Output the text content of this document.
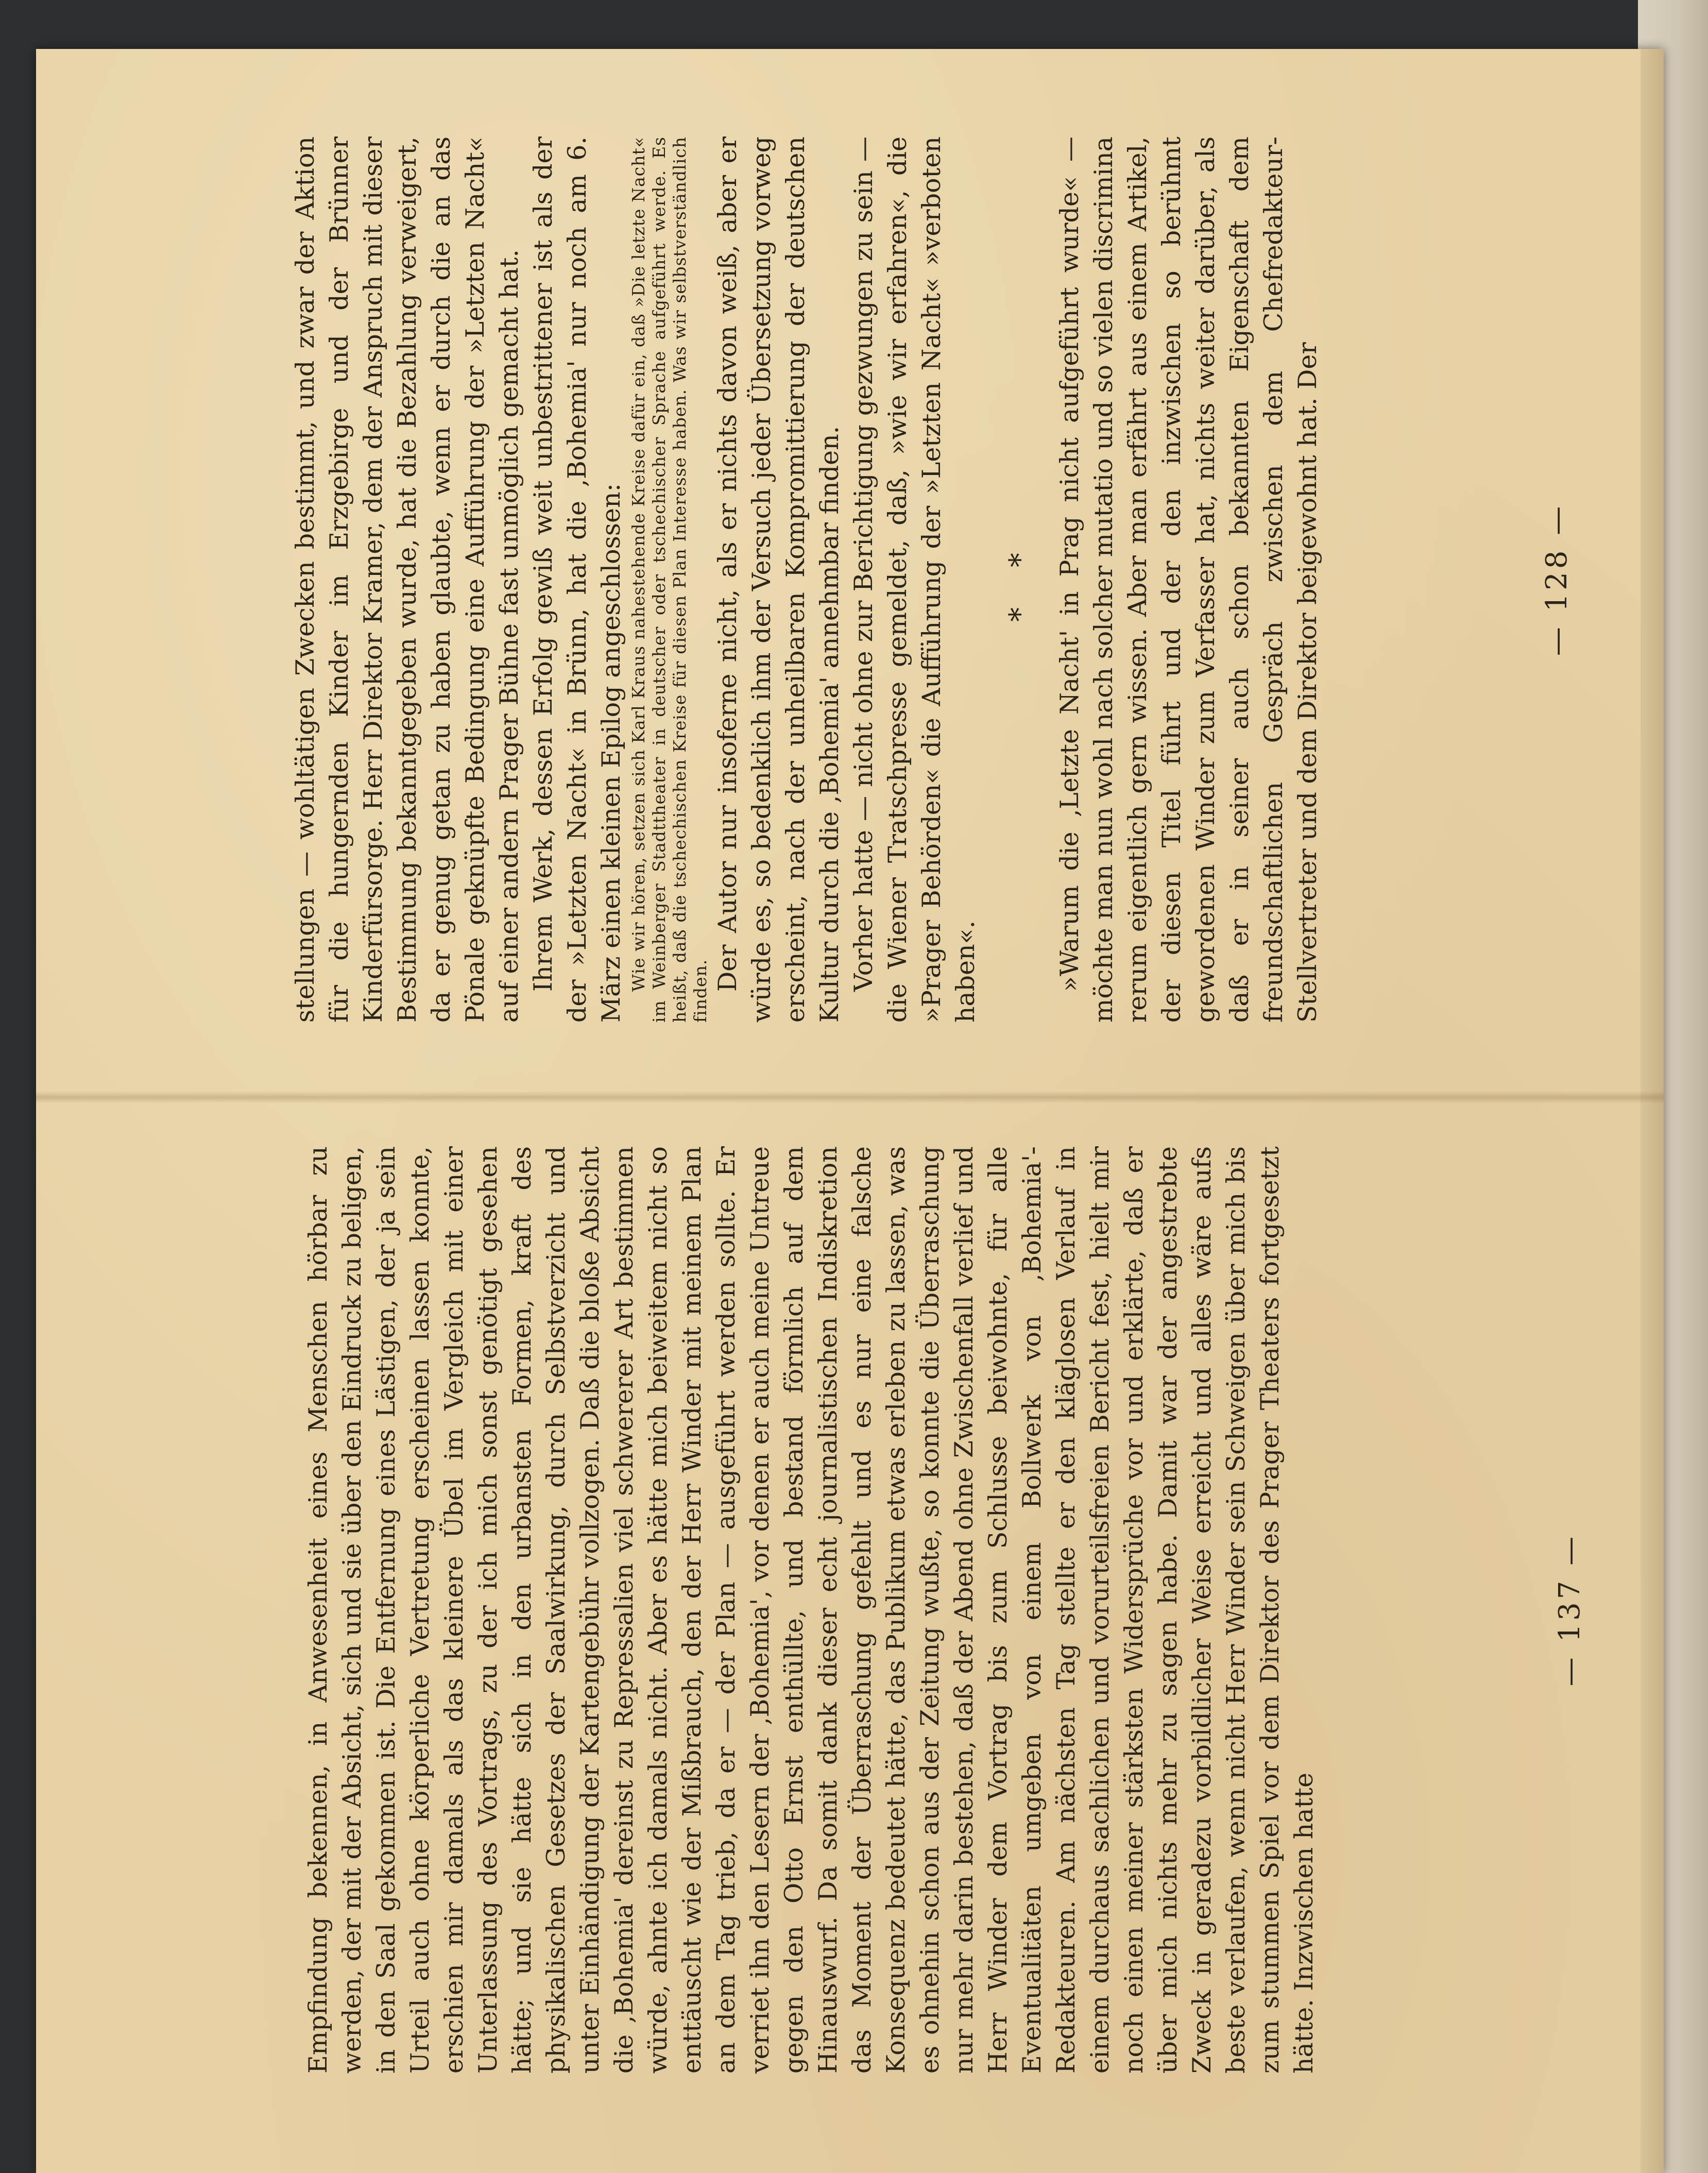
stellungen — wohltätigen Zwecken bestimmt, und zwar der Aktion für die hungernden Kinder im Erzgebirge und der Brünner Kinderfürsorge. Herr Direktor Kramer, dem der Anspruch mit dieser Bestimmung bekanntgegeben wurde, hat die Bezahlung verweigert, da er genug getan zu haben glaubte, wenn er durch die an das Pönale geknüpfte Bedingung eine Aufführung der »Letzten Nacht« auf einer andern Prager Bühne fast unmöglich gemacht hat. Ihrem Werk, dessen Erfolg gewiß weit unbestrittener ist als der der »Letzten Nacht« in Brünn, hat die ‚Bohemia' nur noch am 6. März einen kleinen Epilog angeschlossen: Wie wir hören, setzen sich Karl Kraus nahestehende Kreise dafür ein, daß »Die letzte Nacht« im Weinberger Stadttheater in deutscher oder tschechischer Sprache aufgeführt werde. Es heißt, daß die tschechischen Kreise für diesen Plan Interesse haben. Was wir selbstverständlich finden. Der Autor nur insoferne nicht, als er nichts davon weiß, aber er würde es, so bedenklich ihm der Versuch jeder Übersetzung vorweg erscheint, nach der unheilbaren Kompromittierung der deutschen Kultur durch die ‚Bohemia' annehmbar finden. Vorher hatte — nicht ohne zur Berichtigung gezwungen zu sein — die Wiener Tratschpresse gemeldet, daß, »wie wir erfahren«, die »Prager Behörden« die Aufführung der »Letzten Nacht« »verboten haben«.

* * »Warum die ‚Letzte Nacht' in Prag nicht aufgeführt wurde« — möchte man nun wohl nach solcher mutatio und so vielen discrimina rerum eigentlich gern wissen. Aber man erfährt aus einem Artikel, der diesen Titel führt und der den inzwischen so berühmt gewordenen Winder zum Verfasser hat, nichts weiter darüber, als daß er in seiner auch schon bekannten Eigenschaft dem freundschaftlichen Gespräch zwischen dem Chefredakteur-Stellvertreter und dem Direktor beigewohnt hat. Der	— 128 —

Empfindung bekennen, in Anwesenheit eines Menschen hörbar zu werden, der mit der Absicht, sich und sie über den Eindruck zu beligen, in den Saal gekommen ist. Die Entfernung eines Lästigen, der ja sein Urteil auch ohne körperliche Vertretung erscheinen lassen konnte, erschien mir damals als das kleinere Übel im Vergleich mit einer Unterlassung des Vortrags, zu der ich mich sonst genötigt gesehen hätte; und sie hätte sich in den urbansten Formen, kraft des physikalischen Gesetzes der Saalwirkung, durch Selbstverzicht und unter Einhändigung der Kartengebühr vollzogen. Daß die bloße Absicht die ‚Bohemia' dereinst zu Repressalien viel schwererer Art bestimmen würde, ahnte ich damals nicht. Aber es hätte mich beiweitem nicht so enttäuscht wie der Mißbrauch, den der Herr Winder mit meinem Plan an dem Tag trieb, da er — der Plan — ausgeführt werden sollte. Er verriet ihn den Lesern der ‚Bohemia', vor denen er auch meine Untreue gegen den Otto Ernst enthüllte, und bestand förmlich auf dem Hinauswurf. Da somit dank dieser echt journalistischen Indiskretion das Moment der Überraschung gefehlt und es nur eine falsche Konsequenz bedeutet hätte, das Publikum etwas erleben zu lassen, was es ohnehin schon aus der Zeitung wußte, so konnte die Überraschung nur mehr darin bestehen, daß der Abend ohne Zwischenfall verlief und Herr Winder dem Vortrag bis zum Schlusse beiwohnte, für alle Eventualitäten umgeben von einem Bollwerk von ‚Bohemia'-Redakteuren. Am nächsten Tag stellte er den kläglosen Verlauf in einem durchaus sachlichen und vorurteilsfreien Bericht fest, hielt mir noch einen meiner stärksten Widersprüche vor und erklärte, daß er über mich nichts mehr zu sagen habe. Damit war der angestrebte Zweck in geradezu vorbildlicher Weise erreicht und alles wäre aufs beste verlaufen, wenn nicht Herr Winder sein Schweigen über mich bis zum stummen Spiel vor dem Direktor des Prager Theaters fortgesetzt hätte. Inzwischen hatte

— 137 —
